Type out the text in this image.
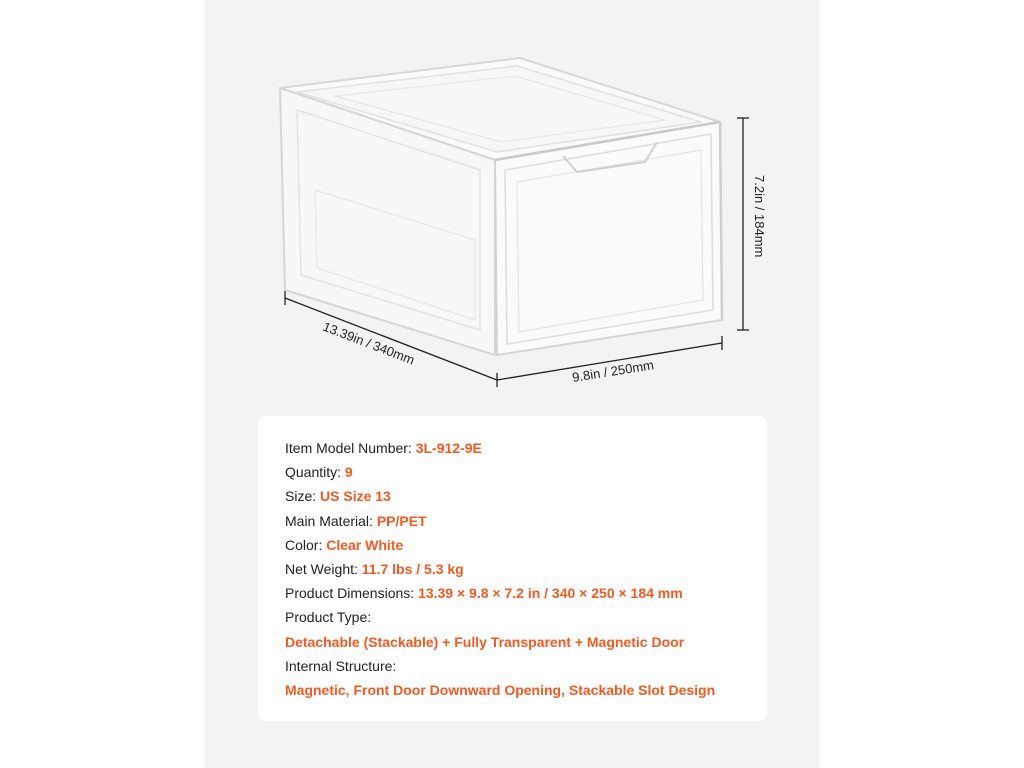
7.2in / 184mm
9.8in / 250mm
13.39in / 340mm
Item Model Number: 3L-912-9E
Quantity: 9
Size: US Size 13
Main Material: PP/PET
Color: Clear White
Net Weight: 11.7 lbs / 5.3 kg
Product Dimensions: 13.39 × 9.8 × 7.2 in / 340 × 250 × 184 mm
Product Type:
Detachable (Stackable) + Fully Transparent + Magnetic Door
Internal Structure:
Magnetic, Front Door Downward Opening, Stackable Slot Design
